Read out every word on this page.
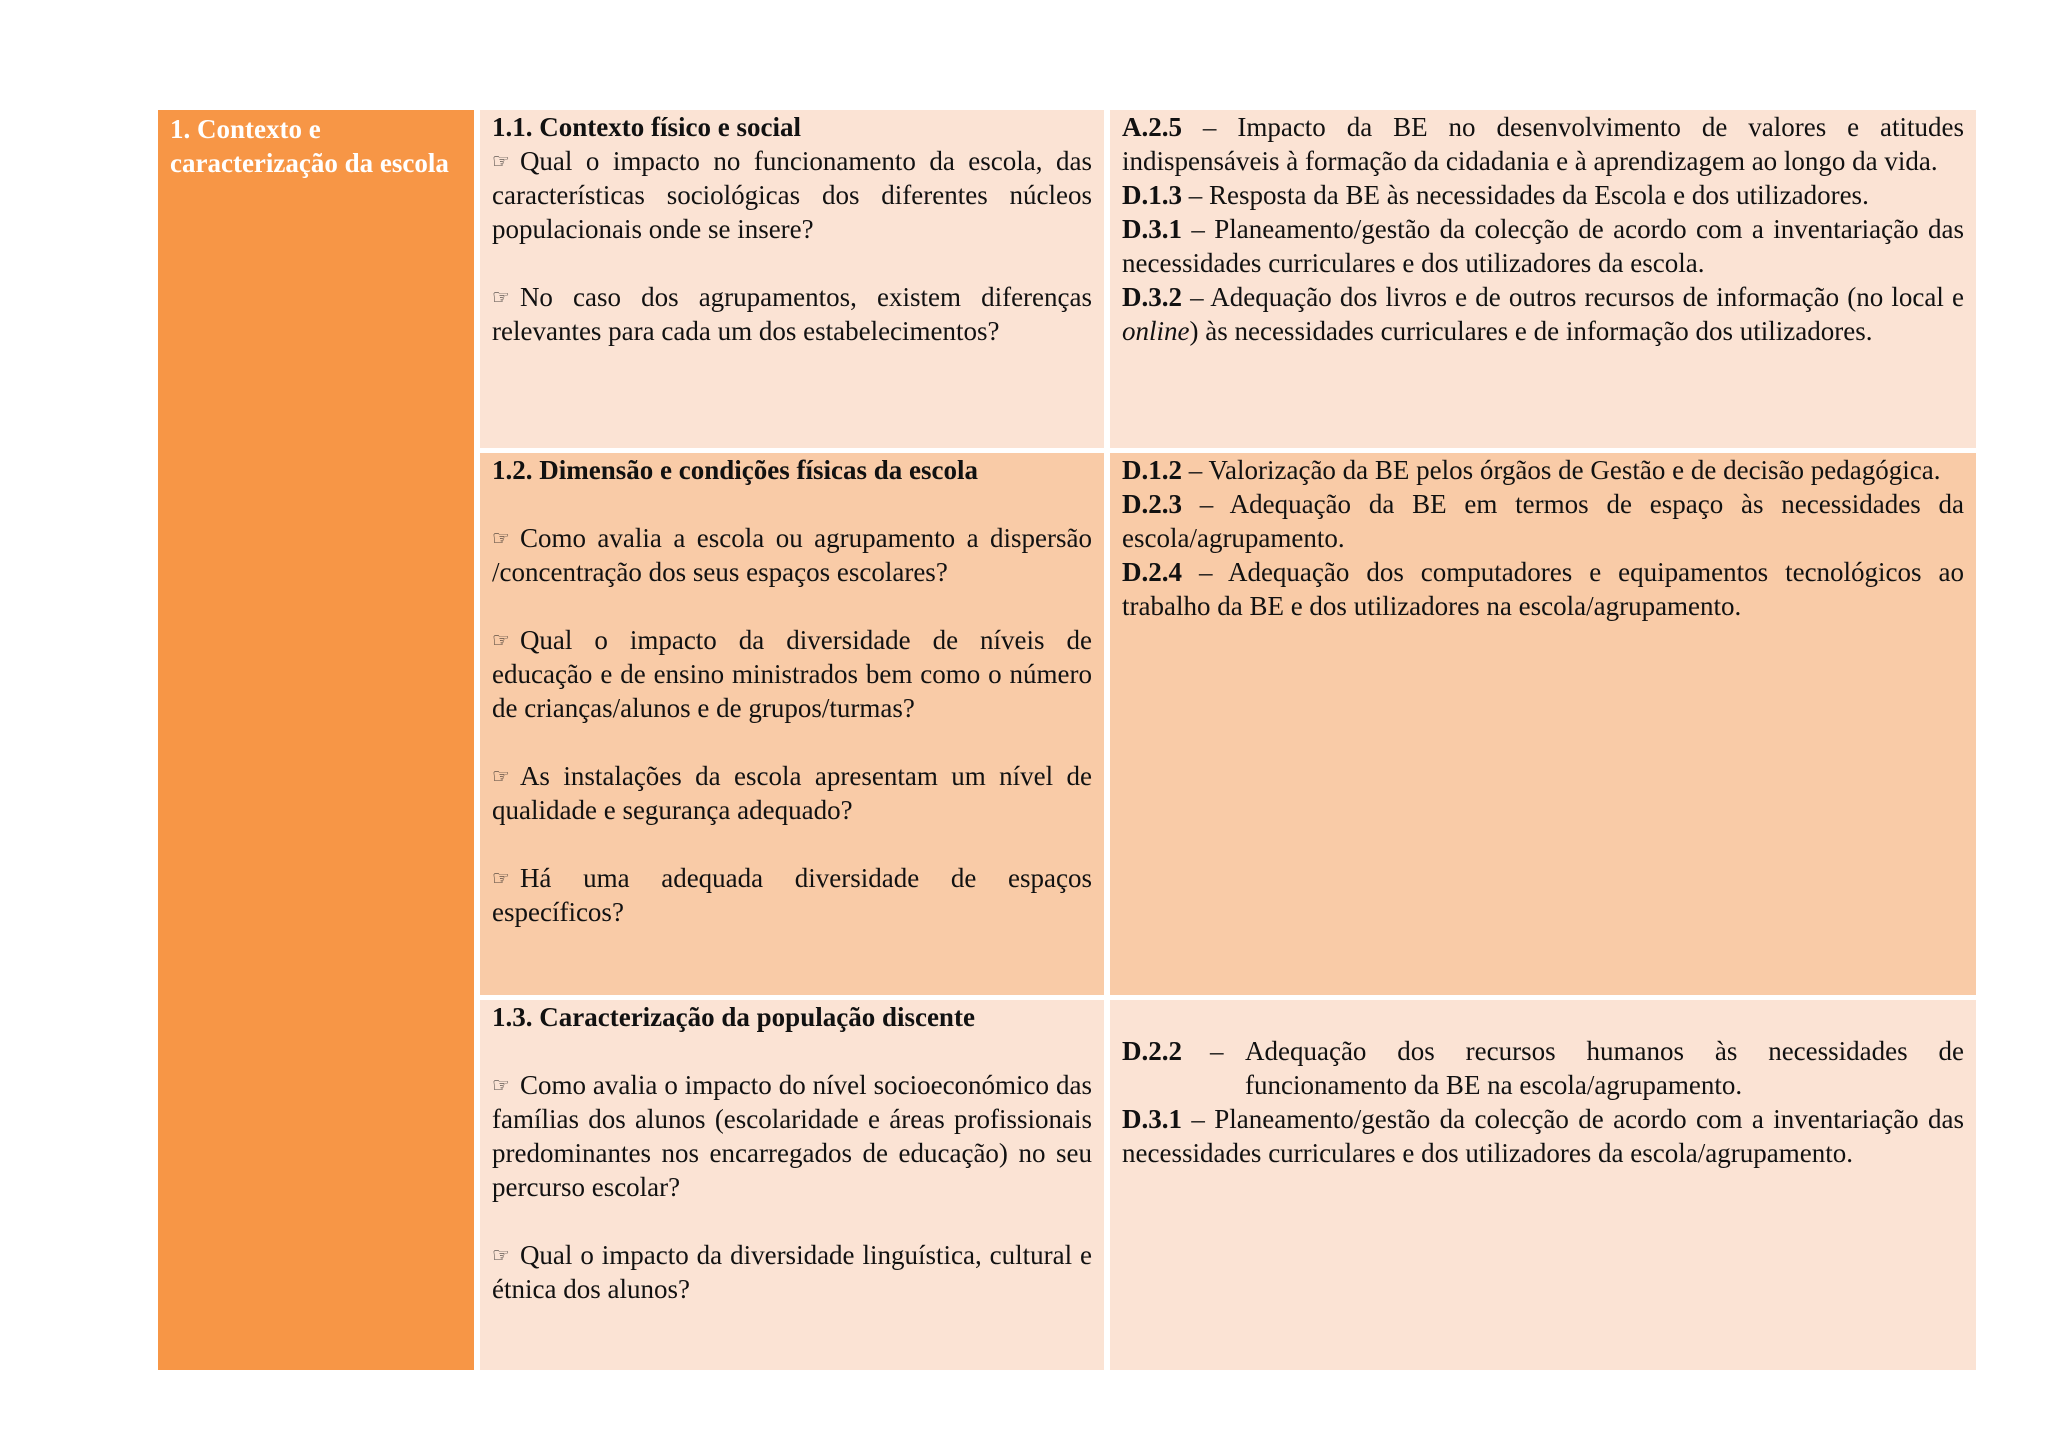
1. Contexto e caracterização da escola
1.1. Contexto físico e social
☞ Qual o impacto no funcionamento da escola, das características sociológicas dos diferentes núcleos populacionais onde se insere?
☞ No caso dos agrupamentos, existem diferenças relevantes para cada um dos estabelecimentos?
A.2.5 – Impacto da BE no desenvolvimento de valores e atitudes indispensáveis à formação da cidadania e à aprendizagem ao longo da vida.
D.1.3 – Resposta da BE às necessidades da Escola e dos utilizadores.
D.3.1 – Planeamento/gestão da colecção de acordo com a inventariação das necessidades curriculares e dos utilizadores da escola.
D.3.2 – Adequação dos livros e de outros recursos de informação (no local e online) às necessidades curriculares e de informação dos utilizadores.
1.2. Dimensão e condições físicas da escola
☞ Como avalia a escola ou agrupamento a dispersão /concentração dos seus espaços escolares?
☞ Qual o impacto da diversidade de níveis de educação e de ensino ministrados bem como o número de crianças/alunos e de grupos/turmas?
☞ As instalações da escola apresentam um nível de qualidade e segurança adequado?
☞ Há uma adequada diversidade de espaços específicos?
D.1.2 – Valorização da BE pelos órgãos de Gestão e de decisão pedagógica.
D.2.3 – Adequação da BE em termos de espaço às necessidades da escola/agrupamento.
D.2.4 – Adequação dos computadores e equipamentos tecnológicos ao trabalho da BE e dos utilizadores na escola/agrupamento.
1.3. Caracterização da população discente
☞ Como avalia o impacto do nível socioeconómico das famílias dos alunos (escolaridade e áreas profissionais predominantes nos encarregados de educação) no seu percurso escolar?
☞ Qual o impacto da diversidade linguística, cultural e étnica dos alunos?
D.2.2 – Adequação dos recursos humanos às necessidades de funcionamento da BE na escola/agrupamento.
D.3.1 – Planeamento/gestão da colecção de acordo com a inventariação das necessidades curriculares e dos utilizadores da escola/agrupamento.
